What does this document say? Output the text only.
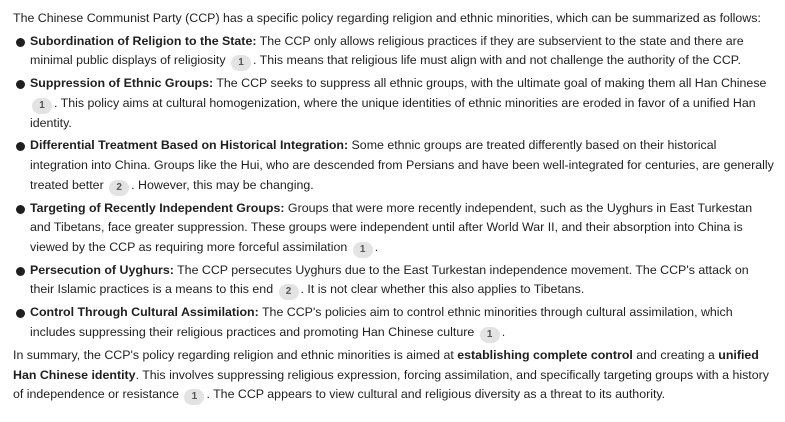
The Chinese Communist Party (CCP) has a specific policy regarding religion and ethnic minorities, which can be summarized as follows:

Subordination of Religion to the State: The CCP only allows religious practices if they are subservient to the state and there are minimal public displays of religiosity 1 . This means that religious life must align with and not challenge the authority of the CCP.
Suppression of Ethnic Groups: The CCP seeks to suppress all ethnic groups, with the ultimate goal of making them all Han Chinese 1 . This policy aims at cultural homogenization, where the unique identities of ethnic minorities are eroded in favor of a unified Han identity.
Differential Treatment Based on Historical Integration: Some ethnic groups are treated differently based on their historical integration into China. Groups like the Hui, who are descended from Persians and have been well-integrated for centuries, are generally treated better 2 . However, this may be changing.
Targeting of Recently Independent Groups: Groups that were more recently independent, such as the Uyghurs in East Turkestan and Tibetans, face greater suppression. These groups were independent until after World War II, and their absorption into China is viewed by the CCP as requiring more forceful assimilation 1 .
Persecution of Uyghurs: The CCP persecutes Uyghurs due to the East Turkestan independence movement. The CCP's attack on their Islamic practices is a means to this end 2 . It is not clear whether this also applies to Tibetans.
Control Through Cultural Assimilation: The CCP's policies aim to control ethnic minorities through cultural assimilation, which includes suppressing their religious practices and promoting Han Chinese culture 1 .

In summary, the CCP's policy regarding religion and ethnic minorities is aimed at establishing complete control and creating a unified Han Chinese identity. This involves suppressing religious expression, forcing assimilation, and specifically targeting groups with a history of independence or resistance 1 . The CCP appears to view cultural and religious diversity as a threat to its authority.
